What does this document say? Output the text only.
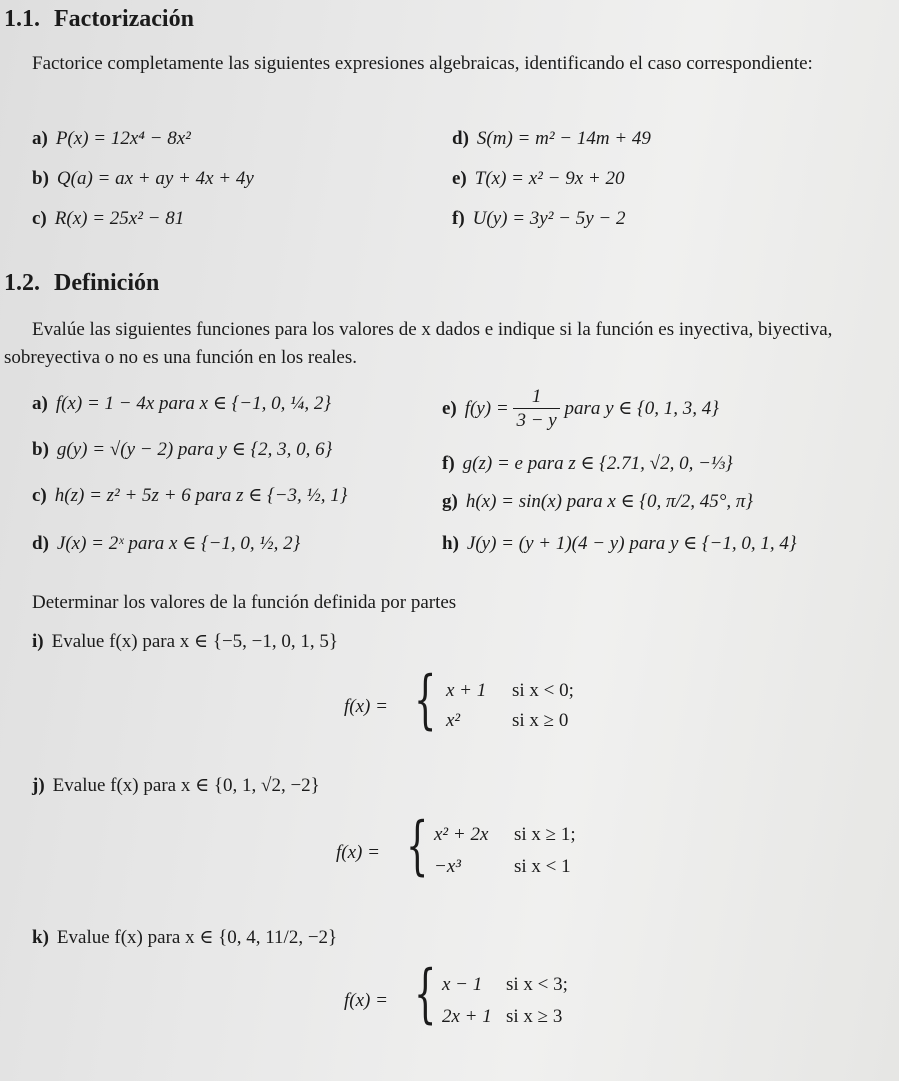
1.1. Factorización
Factorice completamente las siguientes expresiones algebraicas, identificando el caso correspondiente:
a) P(x) = 12x⁴ − 8x²
b) Q(a) = ax + ay + 4x + 4y
c) R(x) = 25x² − 81
d) S(m) = m² − 14m + 49
e) T(x) = x² − 9x + 20
f) U(y) = 3y² − 5y − 2
1.2. Definición
Evalúe las siguientes funciones para los valores de x dados e indique si la función es inyectiva, biyectiva, sobreyectiva o no es una función en los reales.
a) f(x) = 1 − 4x para x ∈ {−1, 0, ¼, 2}
b) g(y) = √(y − 2) para y ∈ {2, 3, 0, 6}
c) h(z) = z² + 5z + 6 para z ∈ {−3, ½, 1}
d) J(x) = 2ˣ para x ∈ {−1, 0, ½, 2}
e) $f(y) = \frac{1}{3 - y}$ para y ∈ {0, 1, 3, 4}
f) g(z) = e para z ∈ {2.71, √2, 0, −⅓}
g) h(x) = sin(x) para x ∈ {0, π/2, 45°, π}
h) J(y) = (y + 1)(4 − y) para y ∈ {−1, 0, 1, 4}
Determinar los valores de la función definida por partes
i) Evalue f(x) para x ∈ {−5, −1, 0, 1, 5}
f(x) = { x + 1 si x < 0;
x²	si x ≥ 0
j) Evalue f(x) para x ∈ {0, 1, √2, −2}
f(x) = { x² + 2x si x ≥ 1;
−x³	si x < 1
k) Evalue f(x) para x ∈ {0, 4, 11/2, −2}
f(x) = { x − 1 si x < 3;
2x + 1 si x ≥ 3
